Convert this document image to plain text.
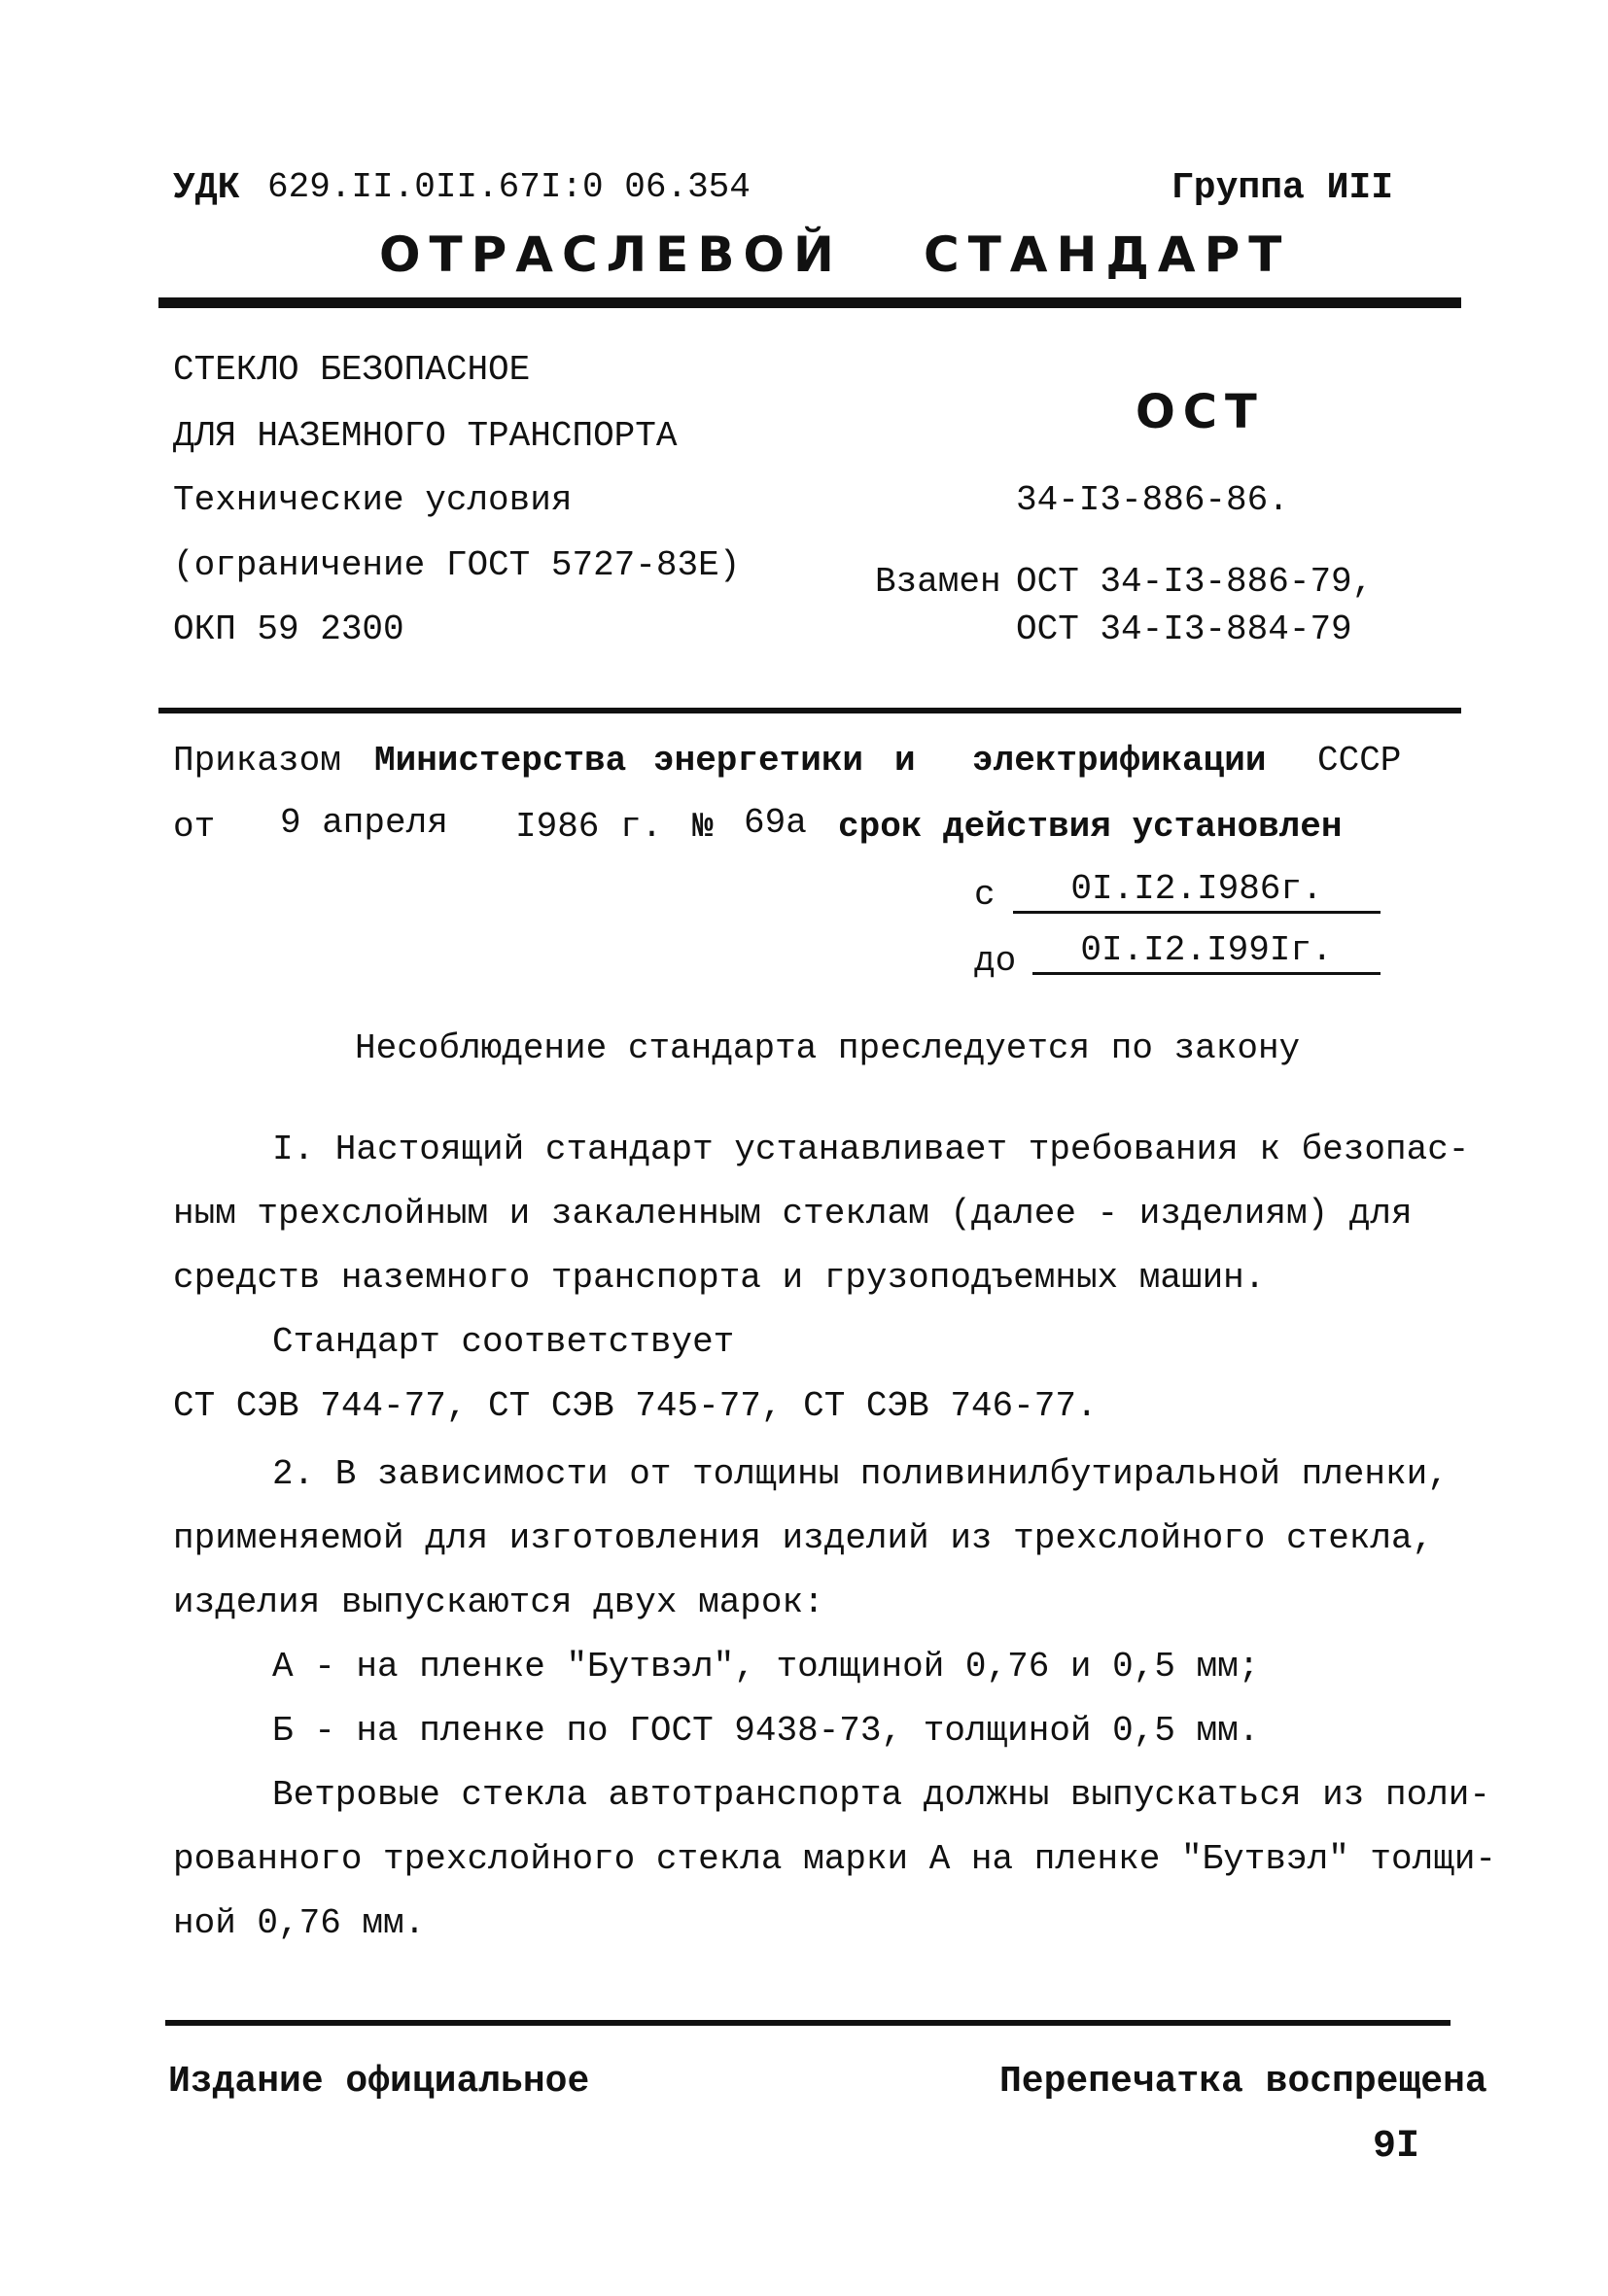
УДК 629.II.0II.67I:0 06.354	Группа ИII
ОТРАСЛЕВОЙ СТАНДАРТ
СТЕКЛО БЕЗОПАСНОЕ
ДЛЯ НАЗЕМНОГО ТРАНСПОРТА
Технические условия
(ограничение ГОСТ 5727-83Е)
ОКП 59 2300
ОСТ
34-I3-886-86.
Взамен ОСТ 34-I3-886-79,
ОСТ 34-I3-884-79
Приказом Министерства энергетики и электрификации СССР
от 9 апреля I986 г. № 69а срок действия установлен
с	0I.I2.I986г.
до	0I.I2.I99Iг.
Несоблюдение стандарта преследуется по закону
I. Настоящий стандарт устанавливает требования к безопас-
ным трехслойным и закаленным стеклам (далее - изделиям) для
средств наземного транспорта и грузоподъемных машин.
Стандарт соответствует
СТ СЭВ 744-77, СТ СЭВ 745-77, СТ СЭВ 746-77.
2. В зависимости от толщины поливинилбутиральной пленки,
применяемой для изготовления изделий из трехслойного стекла,
изделия выпускаются двух марок:
А - на пленке "Бутвэл", толщиной 0,76 и 0,5 мм;
Б - на пленке по ГОСТ 9438-73, толщиной 0,5 мм.
Ветровые стекла автотранспорта должны выпускаться из поли-
рованного трехслойного стекла марки А на пленке "Бутвэл" толщи-
ной 0,76 мм.
Издание официальное	Перепечатка воспрещена
9I
